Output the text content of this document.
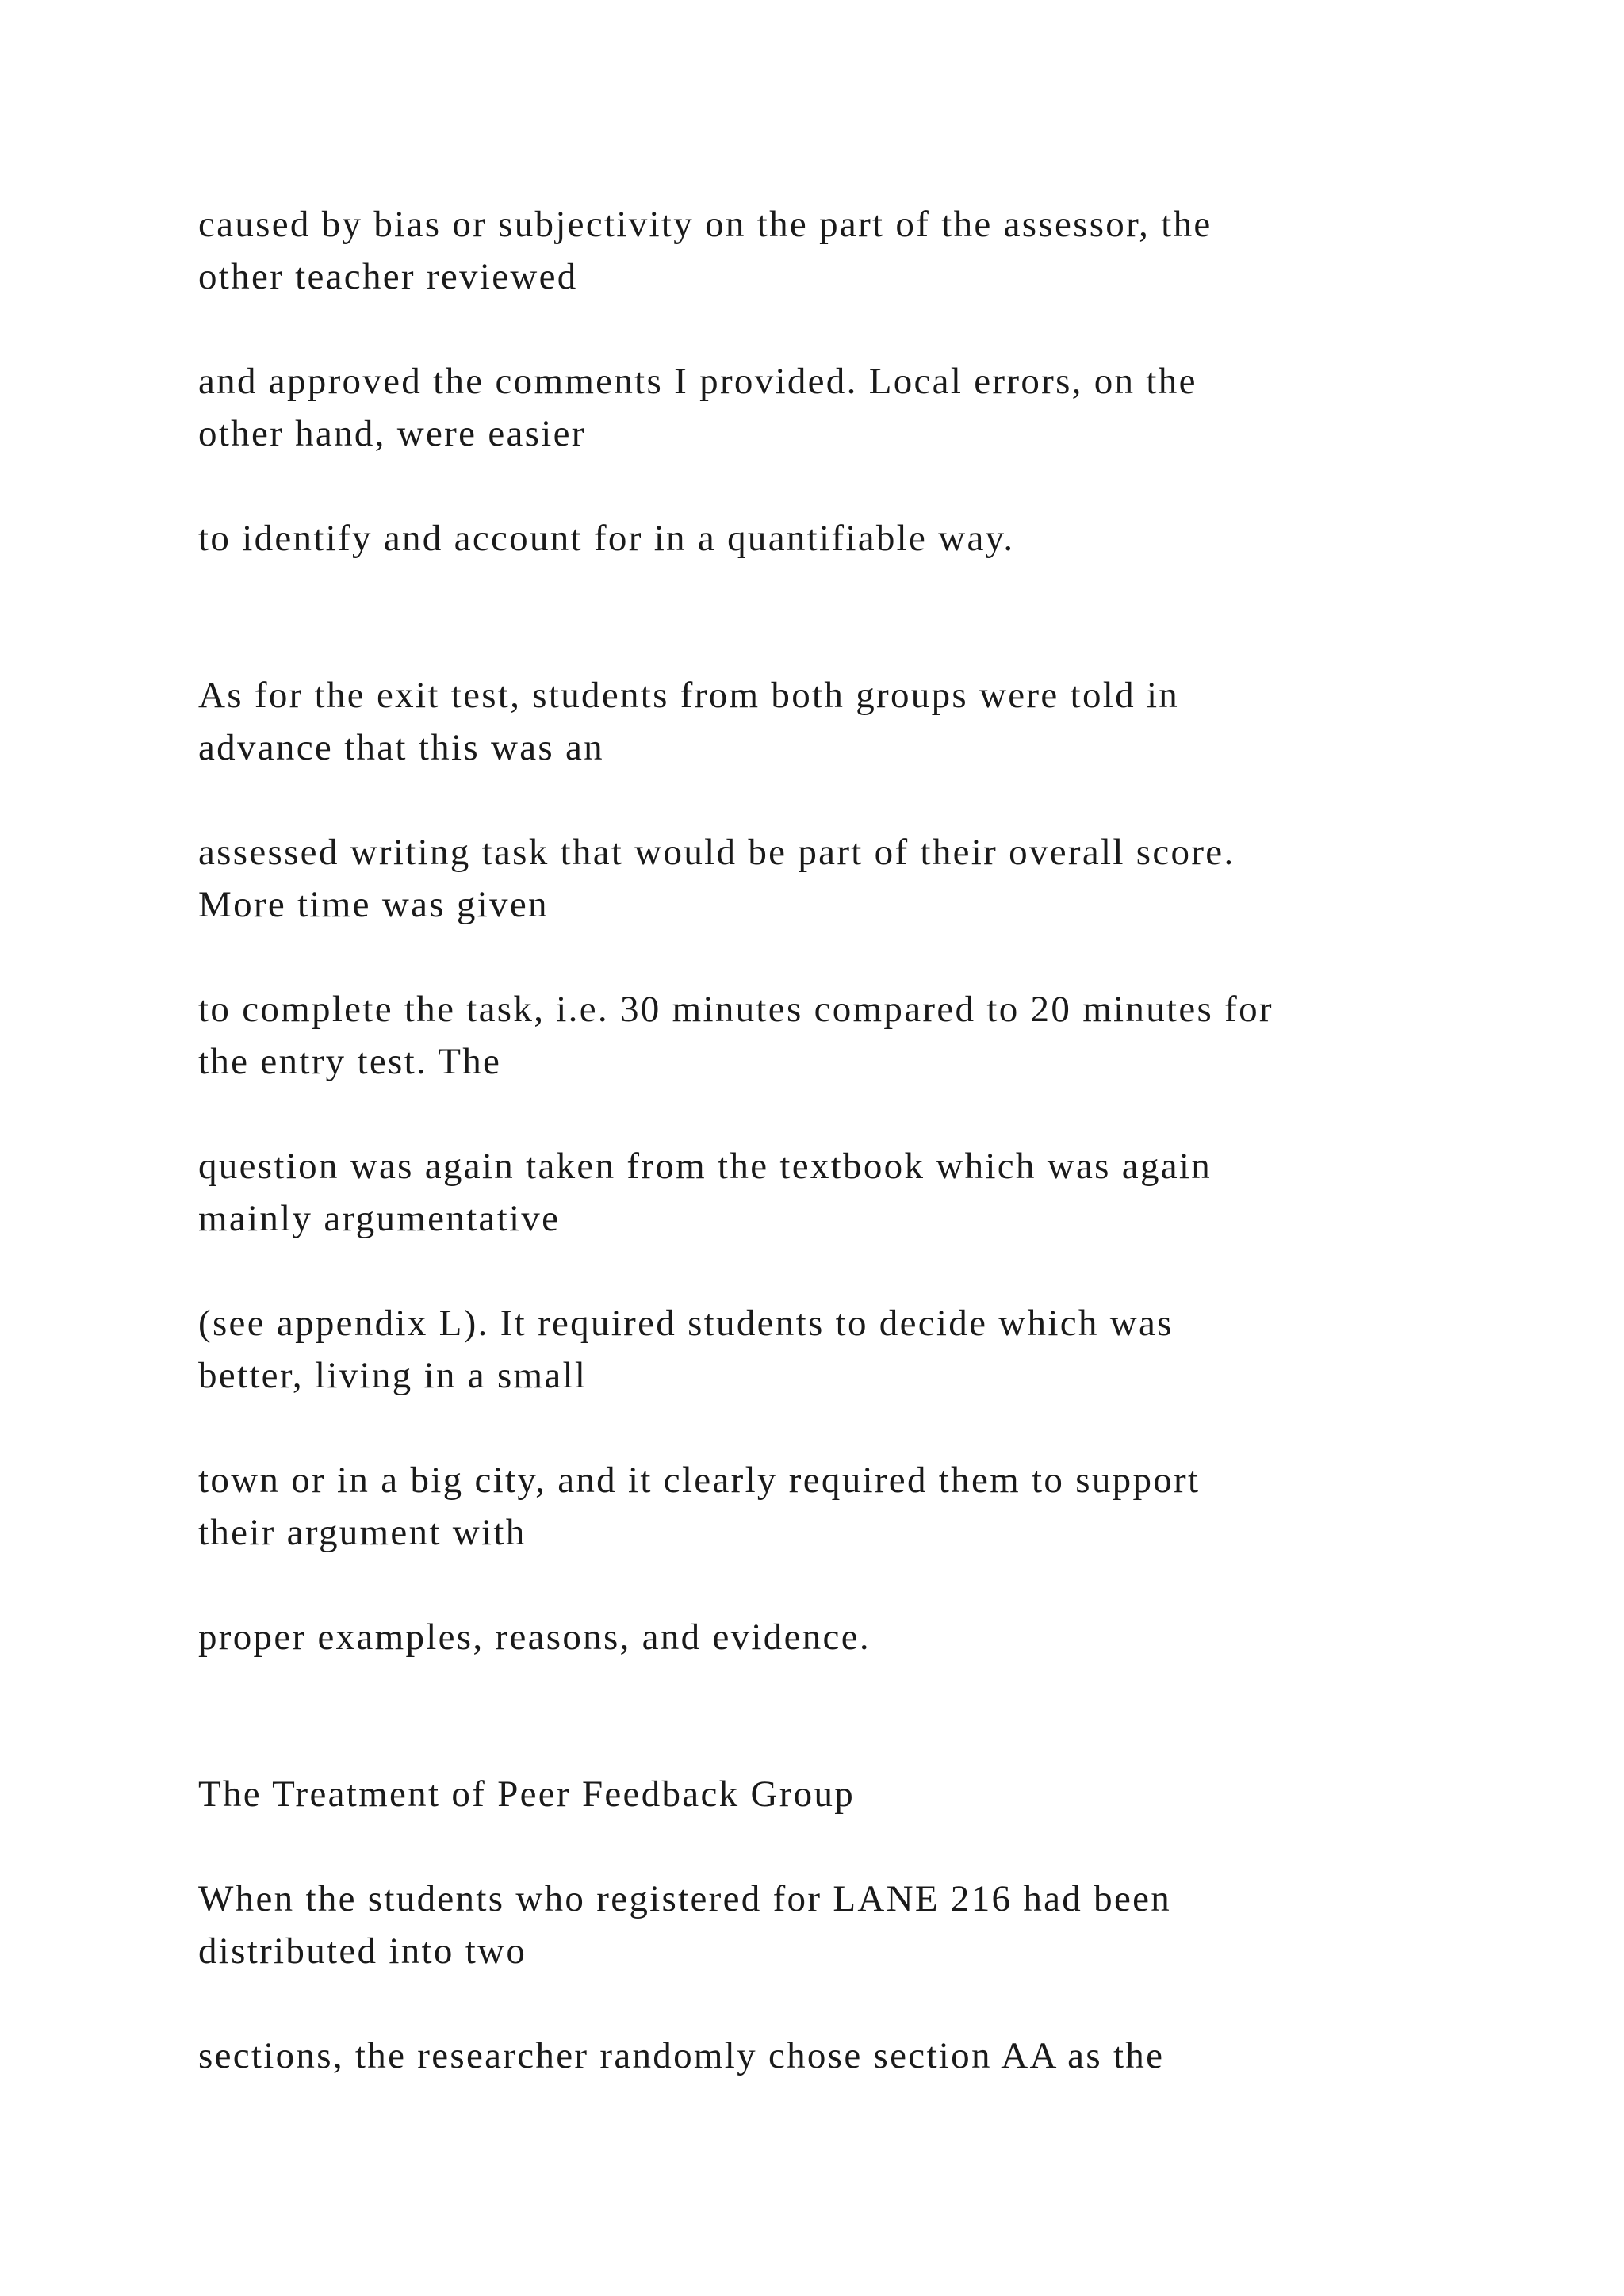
caused by bias or subjectivity on the part of the assessor, the

other teacher reviewed

and approved the comments I provided. Local errors, on the

other hand, were easier

to identify and account for in a quantifiable way.

As for the exit test, students from both groups were told in

advance that this was an

assessed writing task that would be part of their overall score.

More time was given

to complete the task, i.e. 30 minutes compared to 20 minutes for

the entry test. The

question was again taken from the textbook which was again

mainly argumentative

(see appendix L). It required students to decide which was

better, living in a small

town or in a big city, and it clearly required them to support

their argument with

proper examples, reasons, and evidence.

The Treatment of Peer Feedback Group

When the students who registered for LANE 216 had been

distributed into two

sections, the researcher randomly chose section AA as the
